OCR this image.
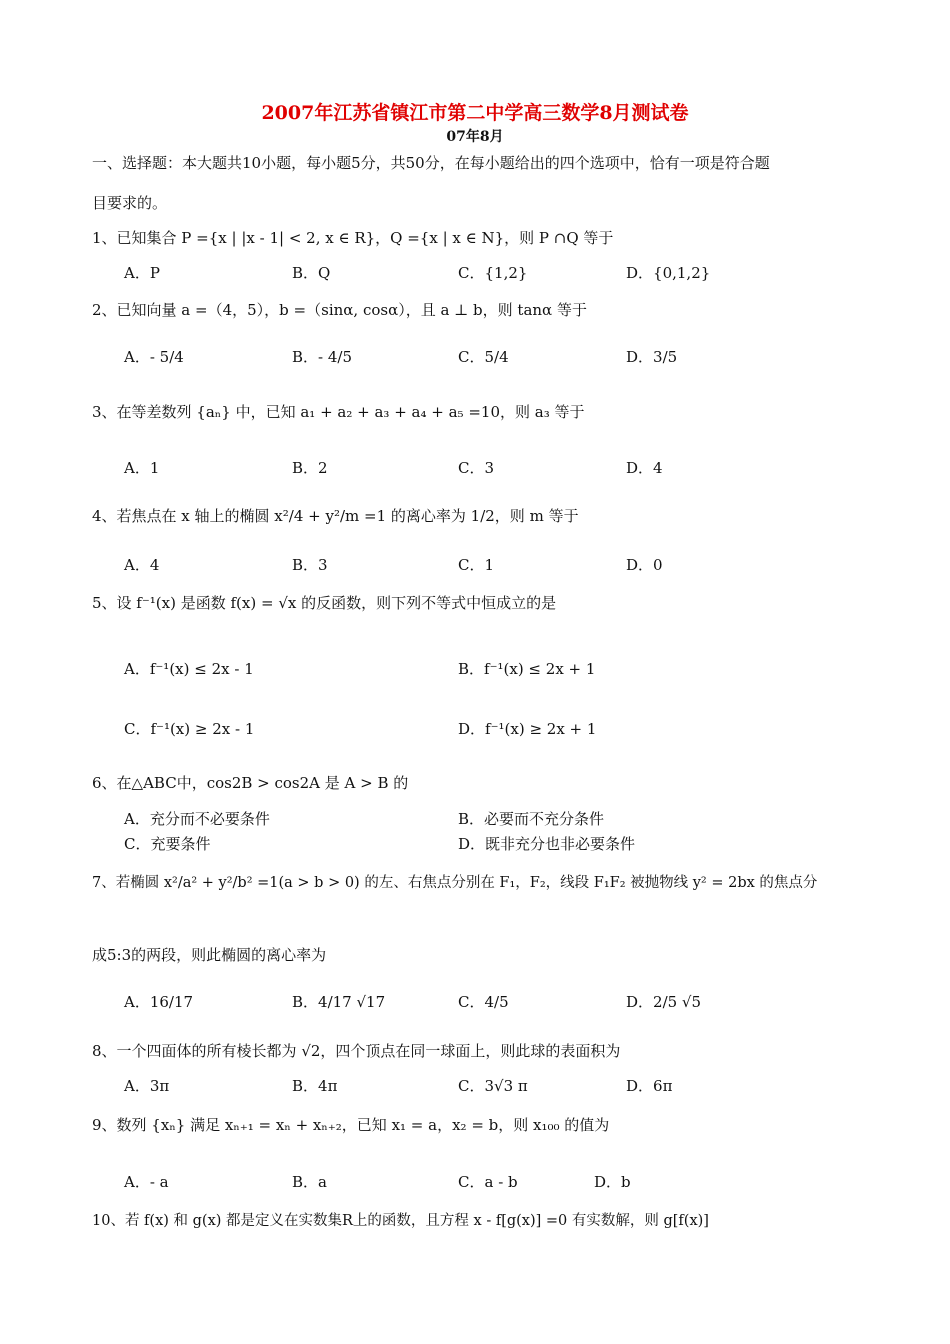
2007年江苏省镇江市第二中学高三数学8月测试卷
07年8月
一、选择题：本大题共10小题，每小题5分，共50分，在每小题给出的四个选项中，恰有一项是符合题
目要求的。
1、已知集合 P ={x | |x - 1| < 2, x ∈ R}，Q ={x | x ∈ N}，则 P ∩Q 等于
A．P	B．Q	C．{1,2}	D．{0,1,2}
2、已知向量 a =（4，5），b =（sinα, cosα），且 a ⊥ b，则 tanα 等于
A．- 5/4	B．- 4/5	C．5/4	D．3/5
3、在等差数列 {aₙ} 中，已知 a₁ + a₂ + a₃ + a₄ + a₅ =10，则 a₃ 等于
A．1	B．2	C．3	D．4
4、若焦点在 x 轴上的椭圆 x²/4 + y²/m =1 的离心率为 1/2，则 m 等于
A．4	B．3	C．1	D．0
5、设 f⁻¹(x) 是函数 f(x) = √x 的反函数，则下列不等式中恒成立的是
A．f⁻¹(x) ≤ 2x - 1	B．f⁻¹(x) ≤ 2x + 1
C．f⁻¹(x) ≥ 2x - 1	D．f⁻¹(x) ≥ 2x + 1
6、在△ABC中，cos2B > cos2A 是 A > B 的
A．充分而不必要条件	B．必要而不充分条件
C．充要条件	D．既非充分也非必要条件
7、若椭圆 x²/a² + y²/b² =1(a > b > 0) 的左、右焦点分别在 F₁，F₂，线段 F₁F₂ 被抛物线 y² = 2bx 的焦点分
成5:3的两段，则此椭圆的离心率为
A．16/17	B．4/17 √17	C．4/5	D．2/5 √5
8、一个四面体的所有棱长都为 √2，四个顶点在同一球面上，则此球的表面积为
A．3π	B．4π	C．3√3 π	D．6π
9、数列 {xₙ} 满足 xₙ₊₁ = xₙ + xₙ₊₂，已知 x₁ = a，x₂ = b，则 x₁₀₀ 的值为
A．- a	B．a	C．a - b	D．b
10、若 f(x) 和 g(x) 都是定义在实数集R上的函数，且方程 x - f[g(x)] =0 有实数解，则 g[f(x)]
